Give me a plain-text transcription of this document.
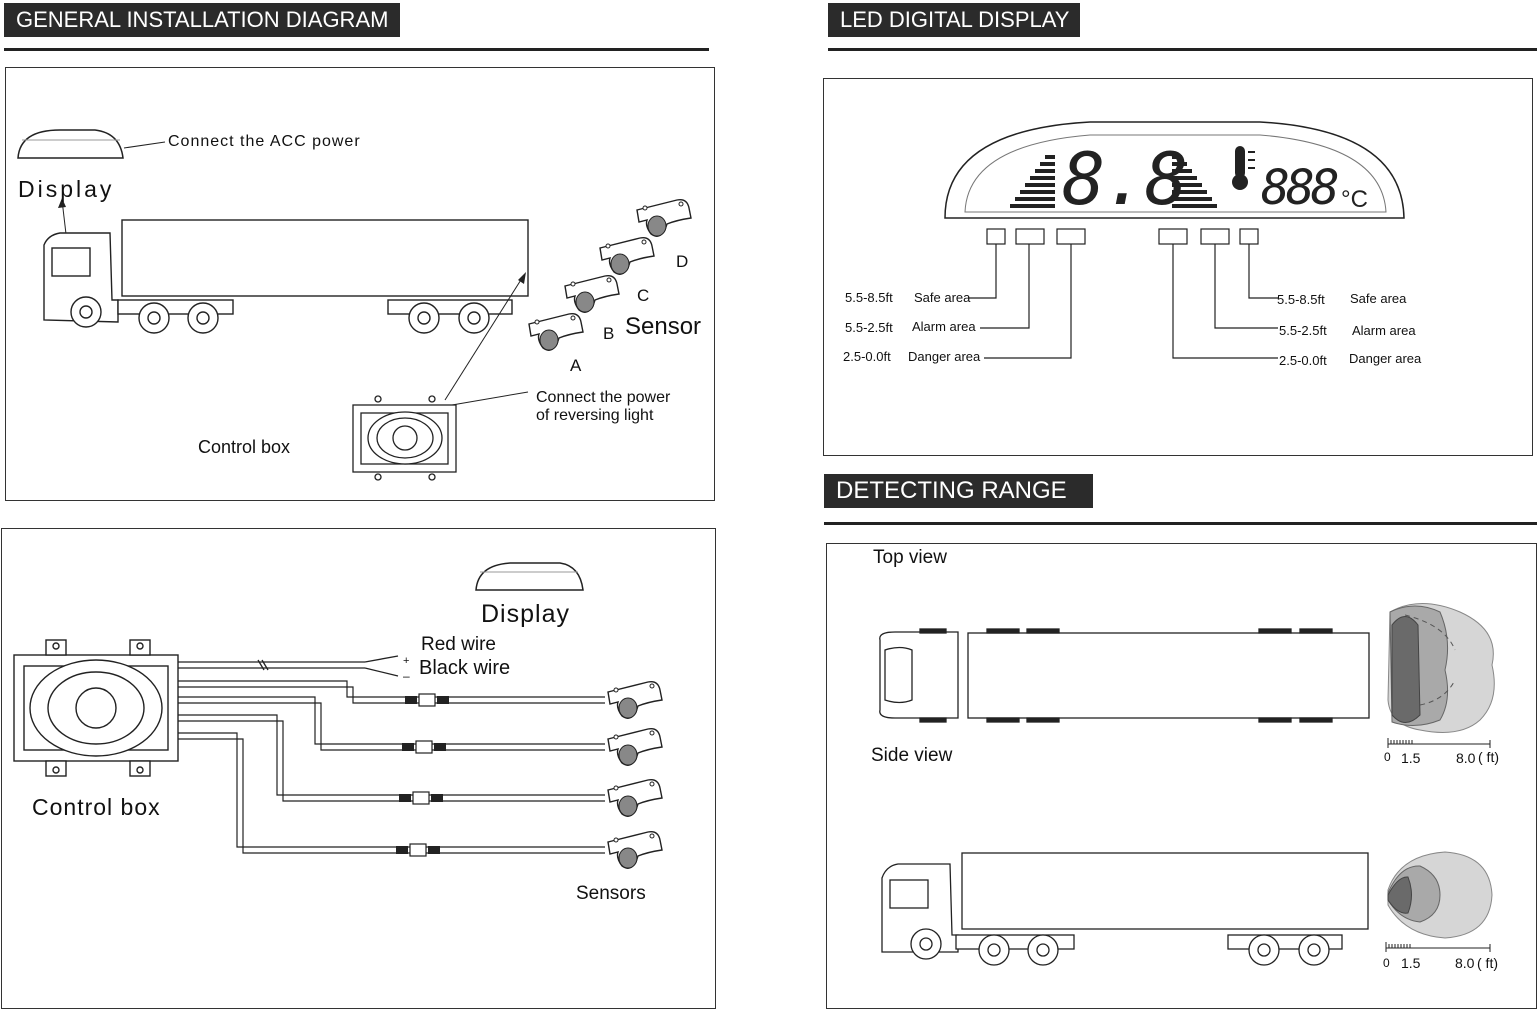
GENERAL INSTALLATION DIAGRAM	LED DIGITAL DISPLAY
DETECTING RANGE
Connect the ACC power
Display
A
B
C
D
Sensor
Connect the power
of reversing light
Control box
+
–
Display
Red wire
Black wire
Control box
Sensors
8.8 888 °C
5.5-8.5ft Safe area
5.5-2.5ft Alarm area
2.5-0.0ft Danger area
5.5-8.5ft Safe area
5.5-2.5ft Alarm area
2.5-0.0ft Danger area
Top view
Side view	0 1.5	8.0 ( ft)
0 1.5 8.0 ( ft)
